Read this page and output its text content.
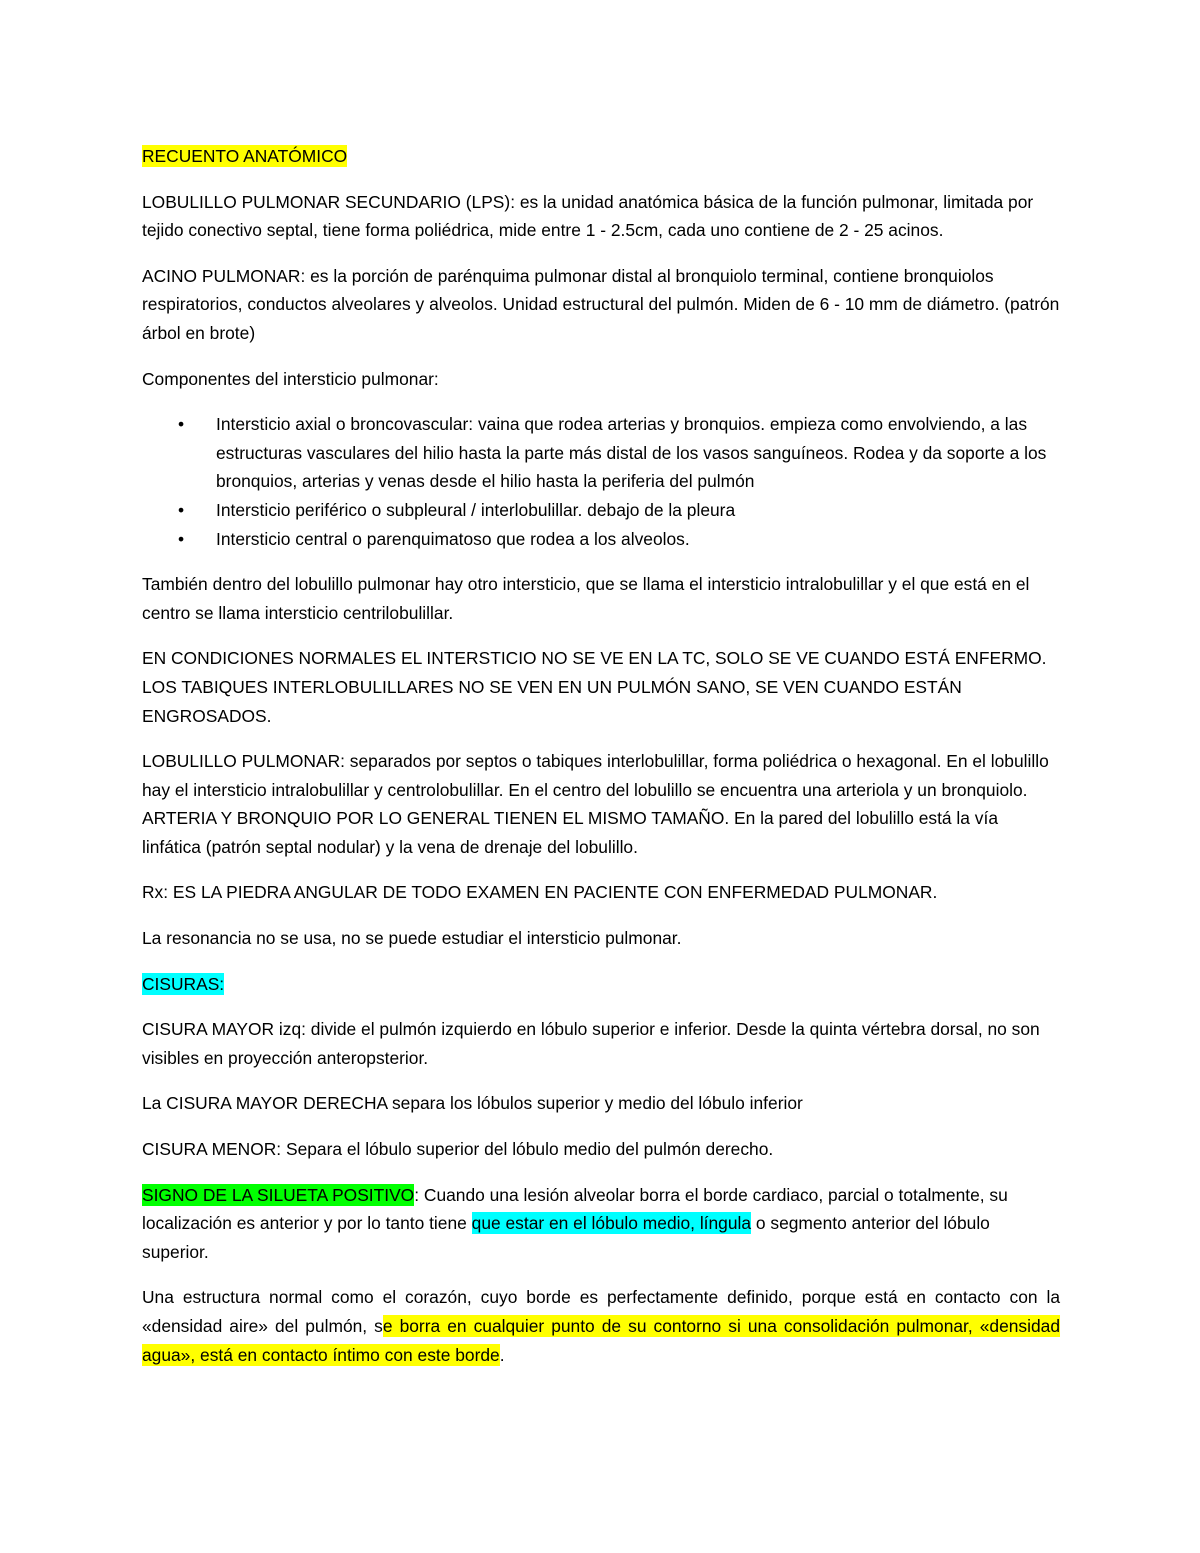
RECUENTO ANATÓMICO

LOBULILLO PULMONAR SECUNDARIO (LPS): es la unidad anatómica básica de la función pulmonar, limitada por tejido conectivo septal, tiene forma poliédrica, mide entre 1 - 2.5cm, cada uno contiene de 2 - 25 acinos.

ACINO PULMONAR: es la porción de parénquima pulmonar distal al bronquiolo terminal, contiene bronquiolos respiratorios, conductos alveolares y alveolos. Unidad estructural del pulmón. Miden de 6 - 10 mm de diámetro. (patrón árbol en brote)

Componentes del intersticio pulmonar:

• Intersticio axial o broncovascular: vaina que rodea arterias y bronquios. empieza como envolviendo, a las estructuras vasculares del hilio hasta la parte más distal de los vasos sanguíneos. Rodea y da soporte a los bronquios, arterias y venas desde el hilio hasta la periferia del pulmón
• Intersticio periférico o subpleural / interlobulillar. debajo de la pleura
• Intersticio central o parenquimatoso que rodea a los alveolos.

También dentro del lobulillo pulmonar hay otro intersticio, que se llama el intersticio intralobulillar y el que está en el centro se llama intersticio centrilobulillar.

EN CONDICIONES NORMALES EL INTERSTICIO NO SE VE EN LA TC, SOLO SE VE CUANDO ESTÁ ENFERMO. LOS TABIQUES INTERLOBULILLARES NO SE VEN EN UN PULMÓN SANO, SE VEN CUANDO ESTÁN ENGROSADOS.

LOBULILLO PULMONAR: separados por septos o tabiques interlobulillar, forma poliédrica o hexagonal. En el lobulillo hay el intersticio intralobulillar y centrolobulillar. En el centro del lobulillo se encuentra una arteriola y un bronquiolo. ARTERIA Y BRONQUIO POR LO GENERAL TIENEN EL MISMO TAMAÑO. En la pared del lobulillo está la vía linfática (patrón septal nodular) y la vena de drenaje del lobulillo.

Rx: ES LA PIEDRA ANGULAR DE TODO EXAMEN EN PACIENTE CON ENFERMEDAD PULMONAR.

La resonancia no se usa, no se puede estudiar el intersticio pulmonar.

CISURAS:

CISURA MAYOR izq: divide el pulmón izquierdo en lóbulo superior e inferior. Desde la quinta vértebra dorsal, no son visibles en proyección anteropsterior.

La CISURA MAYOR DERECHA separa los lóbulos superior y medio del lóbulo inferior

CISURA MENOR: Separa el lóbulo superior del lóbulo medio del pulmón derecho.

SIGNO DE LA SILUETA POSITIVO: Cuando una lesión alveolar borra el borde cardiaco, parcial o totalmente, su localización es anterior y por lo tanto tiene que estar en el lóbulo medio, língula o segmento anterior del lóbulo superior.

Una estructura normal como el corazón, cuyo borde es perfectamente definido, porque está en contacto con la «densidad aire» del pulmón, se borra en cualquier punto de su contorno si una consolidación pulmonar, «densidad agua», está en contacto íntimo con este borde.
